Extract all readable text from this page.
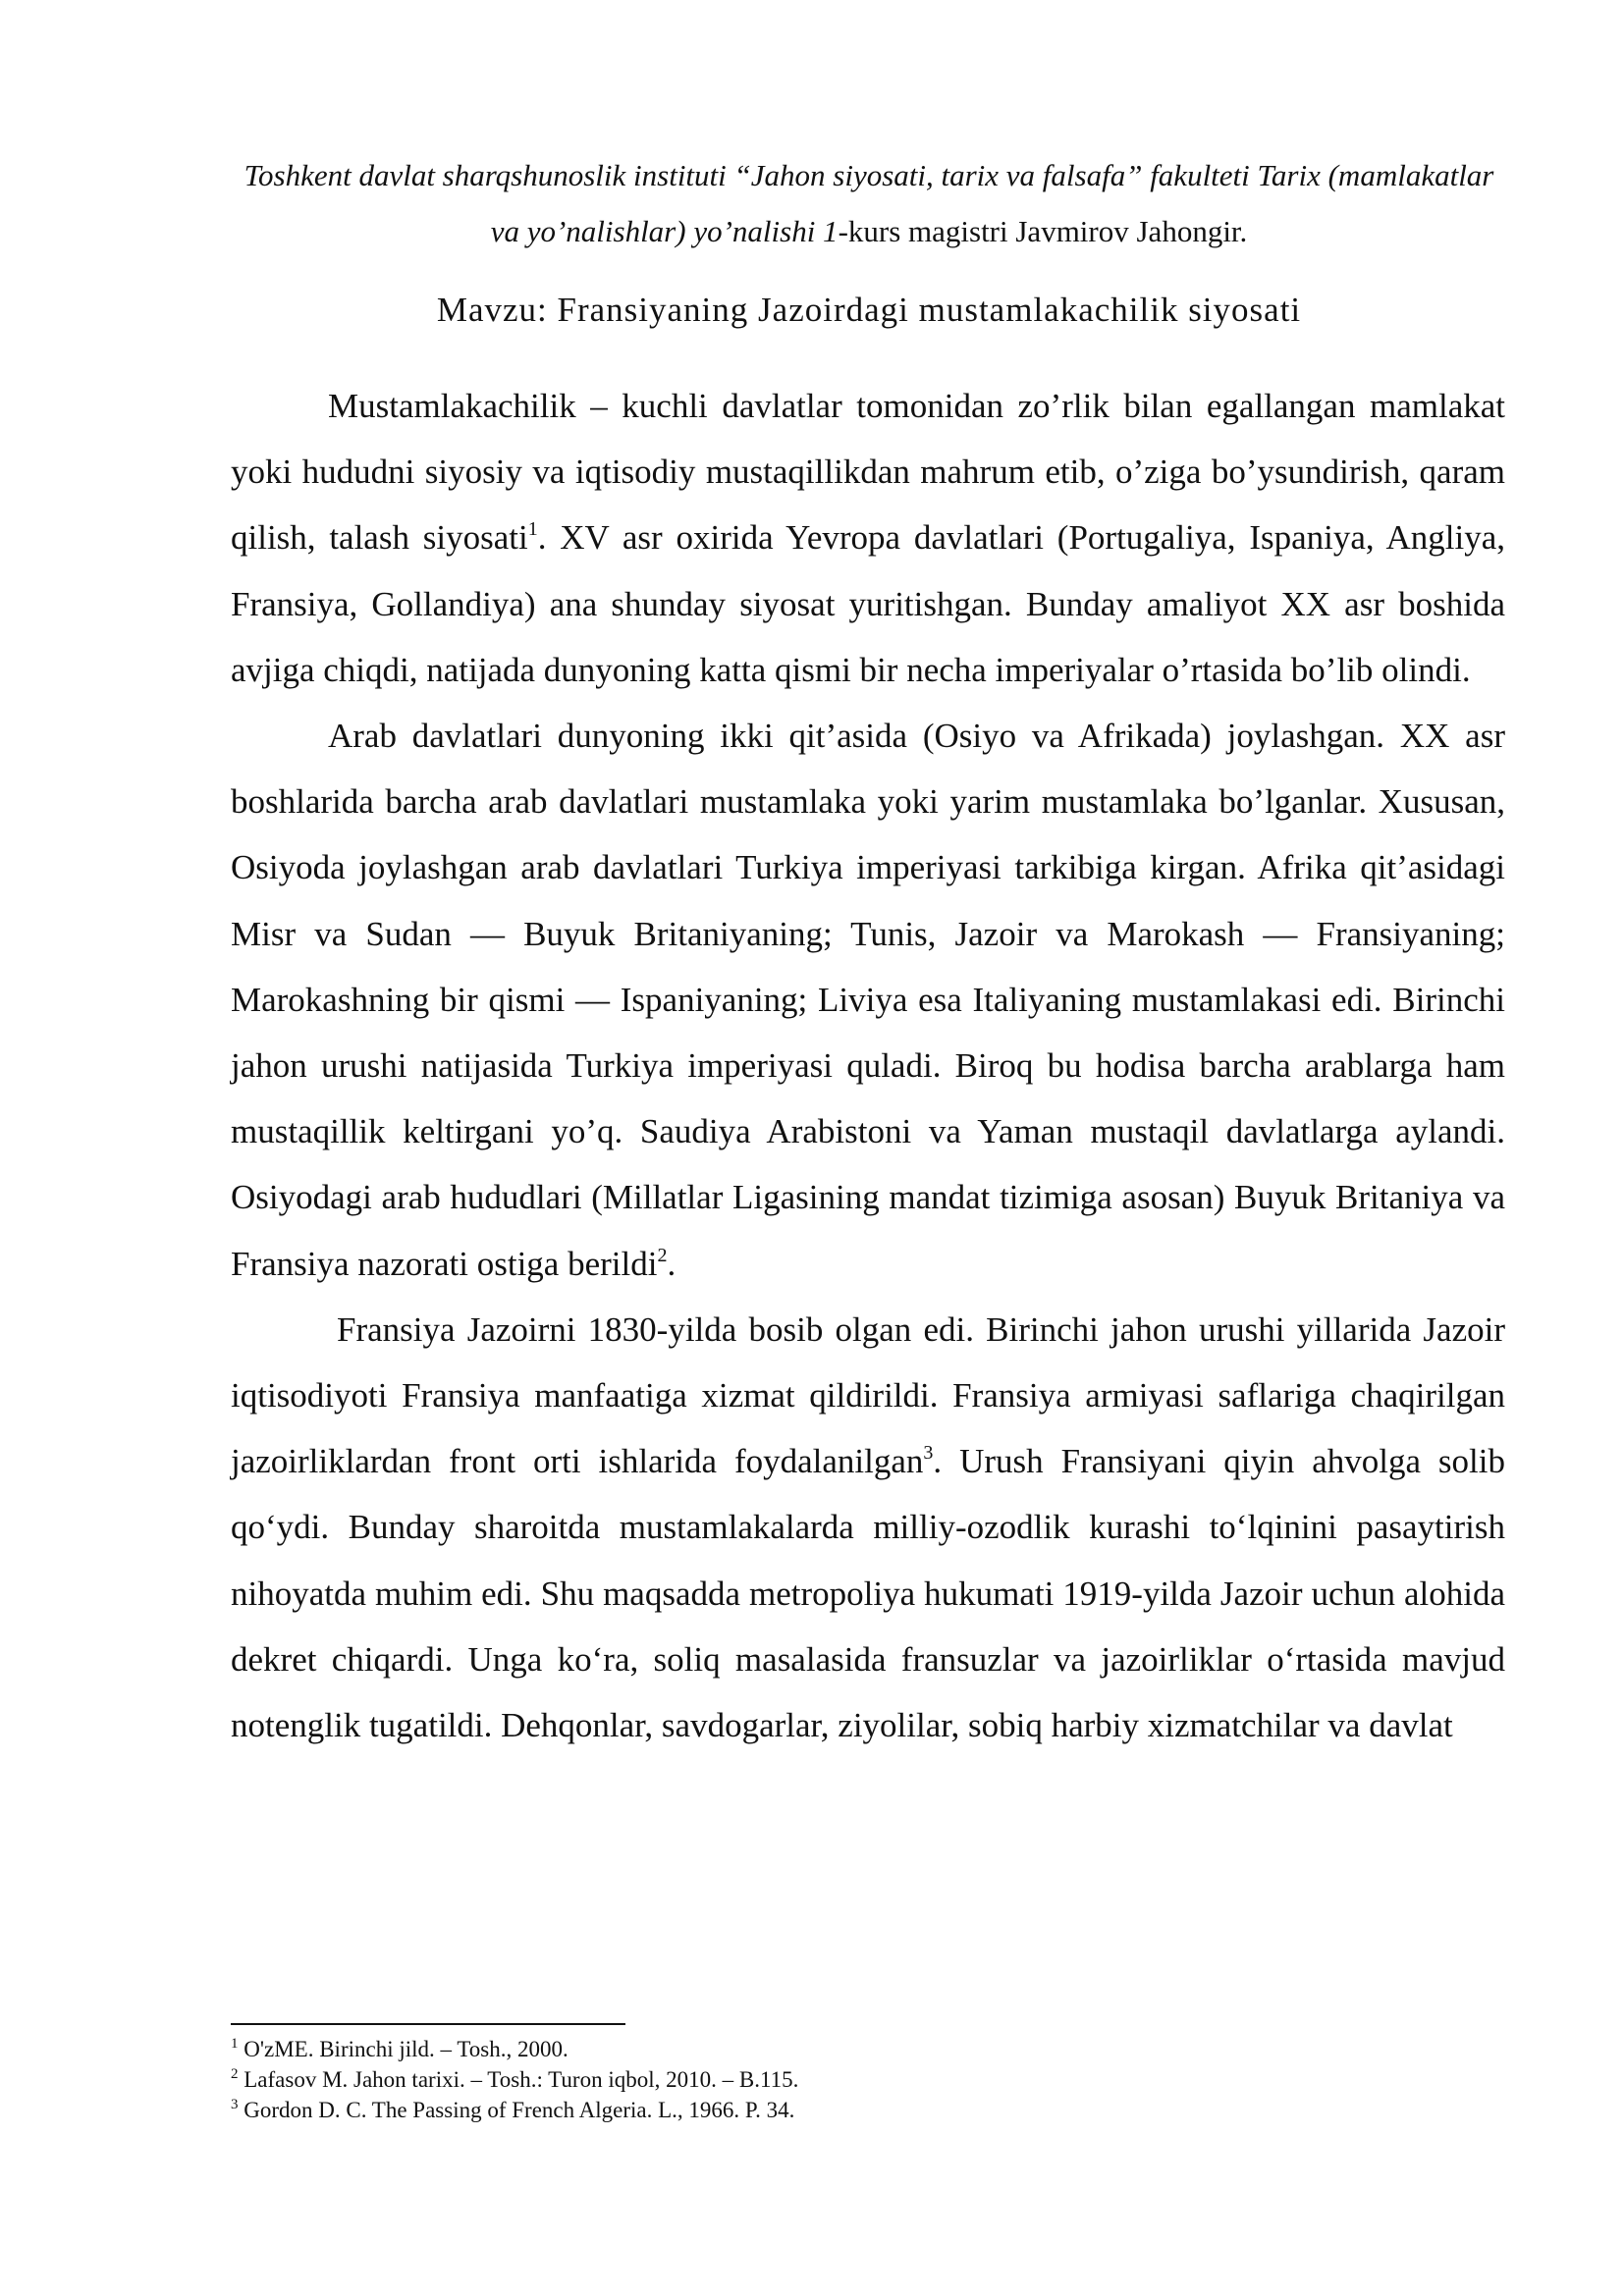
Toshkent davlat sharqshunoslik instituti “Jahon siyosati, tarix va falsafa” fakulteti Tarix (mamlakatlar va yo’nalishlar) yo’nalishi 1-kurs magistri Javmirov Jahongir.
Mavzu: Fransiyaning Jazoirdagi mustamlakachilik siyosati

Mustamlakachilik – kuchli davlatlar tomonidan zo’rlik bilan egallangan mamlakat yoki hududni siyosiy va iqtisodiy mustaqillikdan mahrum etib, o’ziga bo’ysundirish, qaram qilish, talash siyosati$^1$. XV asr oxirida Yevropa davlatlari (Portugaliya, Ispaniya, Angliya, Fransiya, Gollandiya) ana shunday siyosat yuritishgan. Bunday amaliyot XX asr boshida avjiga chiqdi, natijada dunyoning katta qismi bir necha imperiyalar o’rtasida bo’lib olindi.

Arab davlatlari dunyoning ikki qit’asida (Osiyo va Afrikada) joylashgan. XX asr boshlarida barcha arab davlatlari mustamlaka yoki yarim mustamlaka bo’lganlar. Xususan, Osiyoda joylashgan arab davlatlari Turkiya imperiyasi tarkibiga kirgan. Afrika qit’asidagi Misr va Sudan — Buyuk Britaniyaning; Tunis, Jazoir va Marokash — Fransiyaning; Marokashning bir qismi — Ispaniyaning; Liviya esa Italiyaning mustamlakasi edi. Birinchi jahon urushi natijasida Turkiya imperiyasi quladi. Biroq bu hodisa barcha arablarga ham mustaqillik keltirgani yo’q. Saudiya Arabistoni va Yaman mustaqil davlatlarga aylandi. Osiyodagi arab hududlari (Millatlar Ligasining mandat tizimiga asosan) Buyuk Britaniya va Fransiya nazorati ostiga berildi$^2$.

Fransiya Jazoirni 1830-yilda bosib olgan edi. Birinchi jahon urushi yillarida Jazoir iqtisodiyoti Fransiya manfaatiga xizmat qildirildi. Fransiya armiyasi saflariga chaqirilgan jazoirliklardan front orti ishlarida foydalanilgan$^3$. Urush Fransiyani qiyin ahvolga solib qo‘ydi. Bunday sharoitda mustamlakalarda milliy-ozodlik kurashi to‘lqinini pasaytirish nihoyatda muhim edi. Shu maqsadda metropoliya hukumati 1919-yilda Jazoir uchun alohida dekret chiqardi. Unga ko‘ra, soliq masalasida fransuzlar va jazoirliklar o‘rtasida mavjud notenglik tugatildi. Dehqonlar, savdogarlar, ziyolilar, sobiq harbiy xizmatchilar va davlat

$^1$ O'zME. Birinchi jild. – Tosh., 2000.
$^2$ Lafasov M. Jahon tarixi. – Tosh.: Turon iqbol, 2010. – B.115.
$^3$ Gordon D. C. The Passing of French Algeria. L., 1966. P. 34.
